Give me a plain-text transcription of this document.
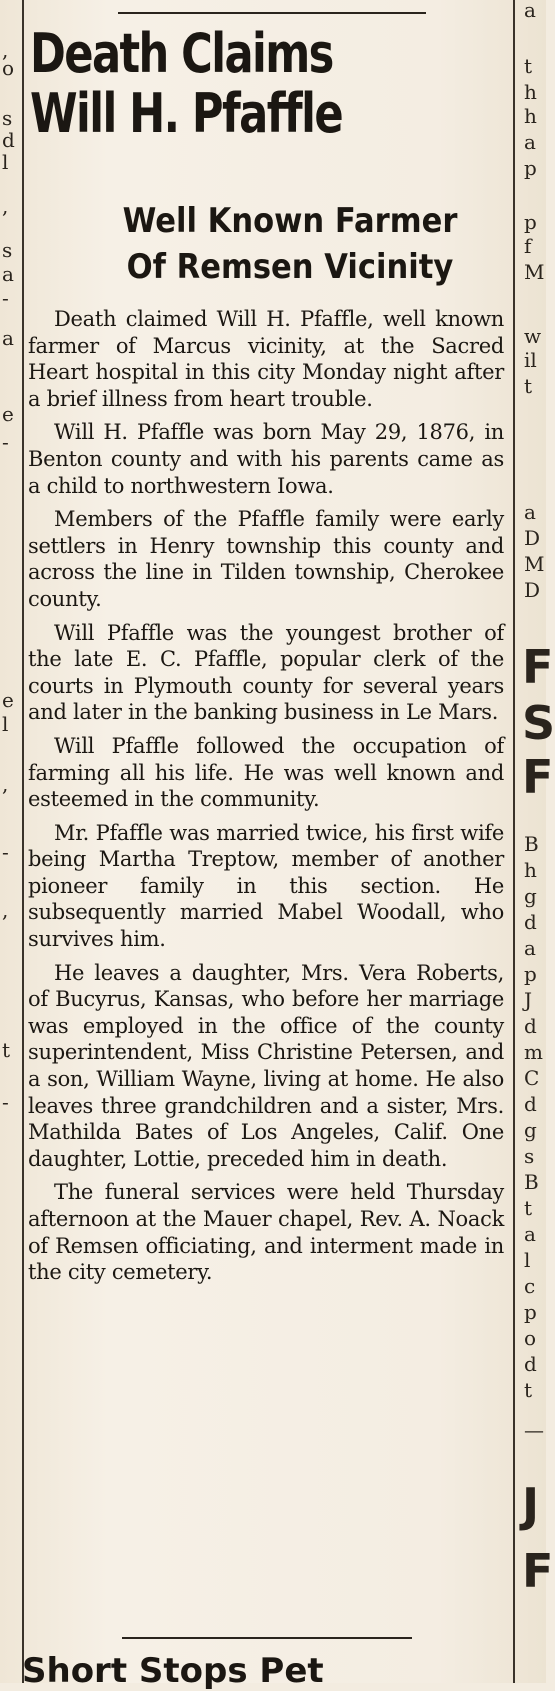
,
o
s
d
l
,
s
a
-
a
e
-
e
l
,
-
,
t
-
a
t
h
h
a
p
p
f
M
w
il
t
a
D
M
D
F
S
F
B
h
g
d
a
p
J
d
m
C
d
g
s
B
t
a
l
c
p
o
d
t
—
J
F
Death Claims
Will H. Pfaffle
Well Known Farmer
Of Remsen Vicinity

Death claimed Will H. Pfaffle, well known farmer of Marcus vicinity, at the Sacred Heart hospital in this city Monday night after a brief illness from heart trouble.

Will H. Pfaffle was born May 29, 1876, in Benton county and with his parents came as a child to northwestern Iowa.

Members of the Pfaffle family were early settlers in Henry township this county and across the line in Tilden township, Cherokee county.

Will Pfaffle was the youngest brother of the late E. C. Pfaffle, popular clerk of the courts in Plymouth county for several years and later in the banking business in Le Mars.

Will Pfaffle followed the occupation of farming all his life. He was well known and esteemed in the community.

Mr. Pfaffle was married twice, his first wife being Martha Treptow, member of another pioneer family in this section. He subsequently married Mabel Woodall, who survives him.

He leaves a daughter, Mrs. Vera Roberts, of Bucyrus, Kansas, who before her marriage was employed in the office of the county superintendent, Miss Christine Petersen, and a son, William Wayne, living at home. He also leaves three grandchildren and a sister, Mrs. Mathilda Bates of Los Angeles, Calif. One daughter, Lottie, preceded him in death.

The funeral services were held Thursday afternoon at the Mauer chapel, Rev. A. Noack of Remsen officiating, and interment made in the city cemetery.

Short Stops Pet
